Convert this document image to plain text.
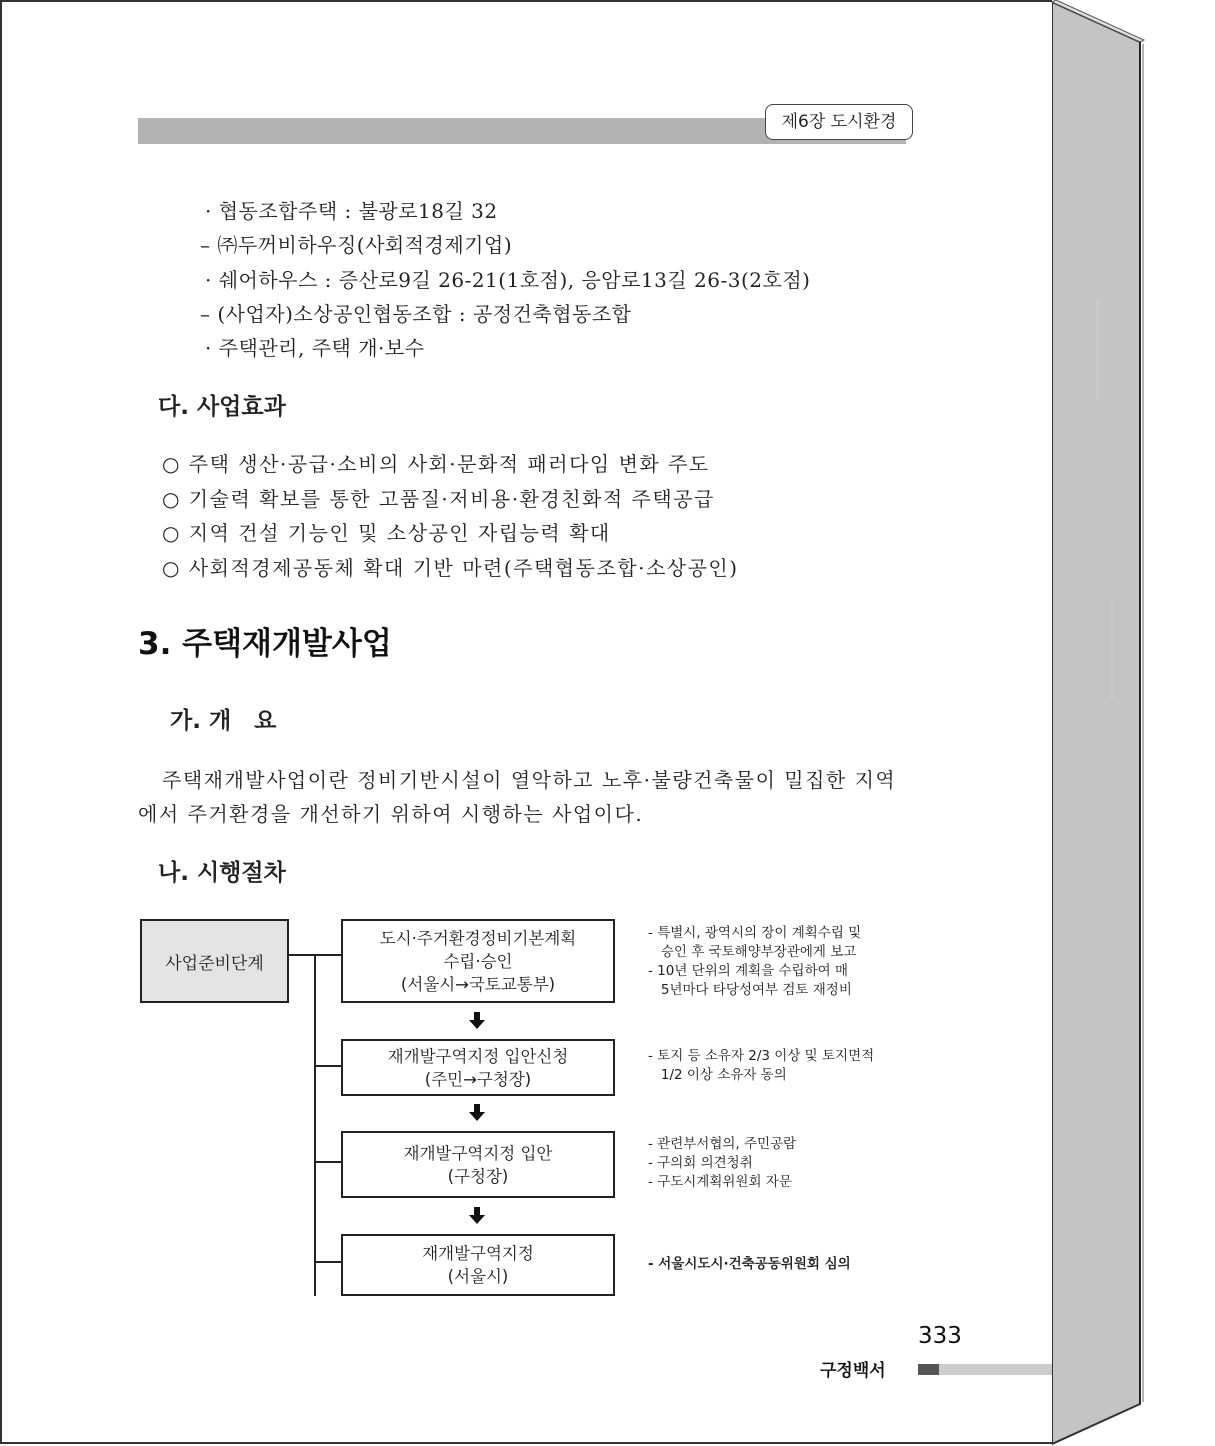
제6장 도시환경
· 협동조합주택 : 불광로18길 32
– ㈜두꺼비하우징(사회적경제기업)
· 쉐어하우스 : 증산로9길 26-21(1호점), 응암로13길 26-3(2호점)
– (사업자)소상공인협동조합 : 공정건축협동조합
· 주택관리, 주택 개·보수
다. 사업효과
○ 주택 생산·공급·소비의 사회·문화적 패러다임 변화 주도
○ 기술력 확보를 통한 고품질·저비용·환경친화적 주택공급
○ 지역 건설 기능인 및 소상공인 자립능력 확대
○ 사회적경제공동체 확대 기반 마련(주택협동조합·소상공인)
3. 주택재개발사업
가. 개　요
주택재개발사업이란 정비기반시설이 열악하고 노후·불량건축물이 밀집한 지역
에서 주거환경을 개선하기 위하여 시행하는 사업이다.
나. 시행절차
사업준비단계
도시·주거환경정비기본계획
수립·승인
(서울시→국토교통부)
재개발구역지정 입안신청
(주민→구청장)
재개발구역지정 입안
(구청장)
재개발구역지정
(서울시)
- 특별시, 광역시의 장이 계획수립 및
승인 후 국토해양부장관에게 보고
- 10년 단위의 계획을 수립하여 매
5년마다 타당성여부 검토 재정비
- 토지 등 소유자 2/3 이상 및 토지면적
1/2 이상 소유자 동의
- 관련부서협의, 주민공람
- 구의회 의견청취
- 구도시계획위원회 자문
- 서울시도시·건축공동위원회 심의
333
구정백서
